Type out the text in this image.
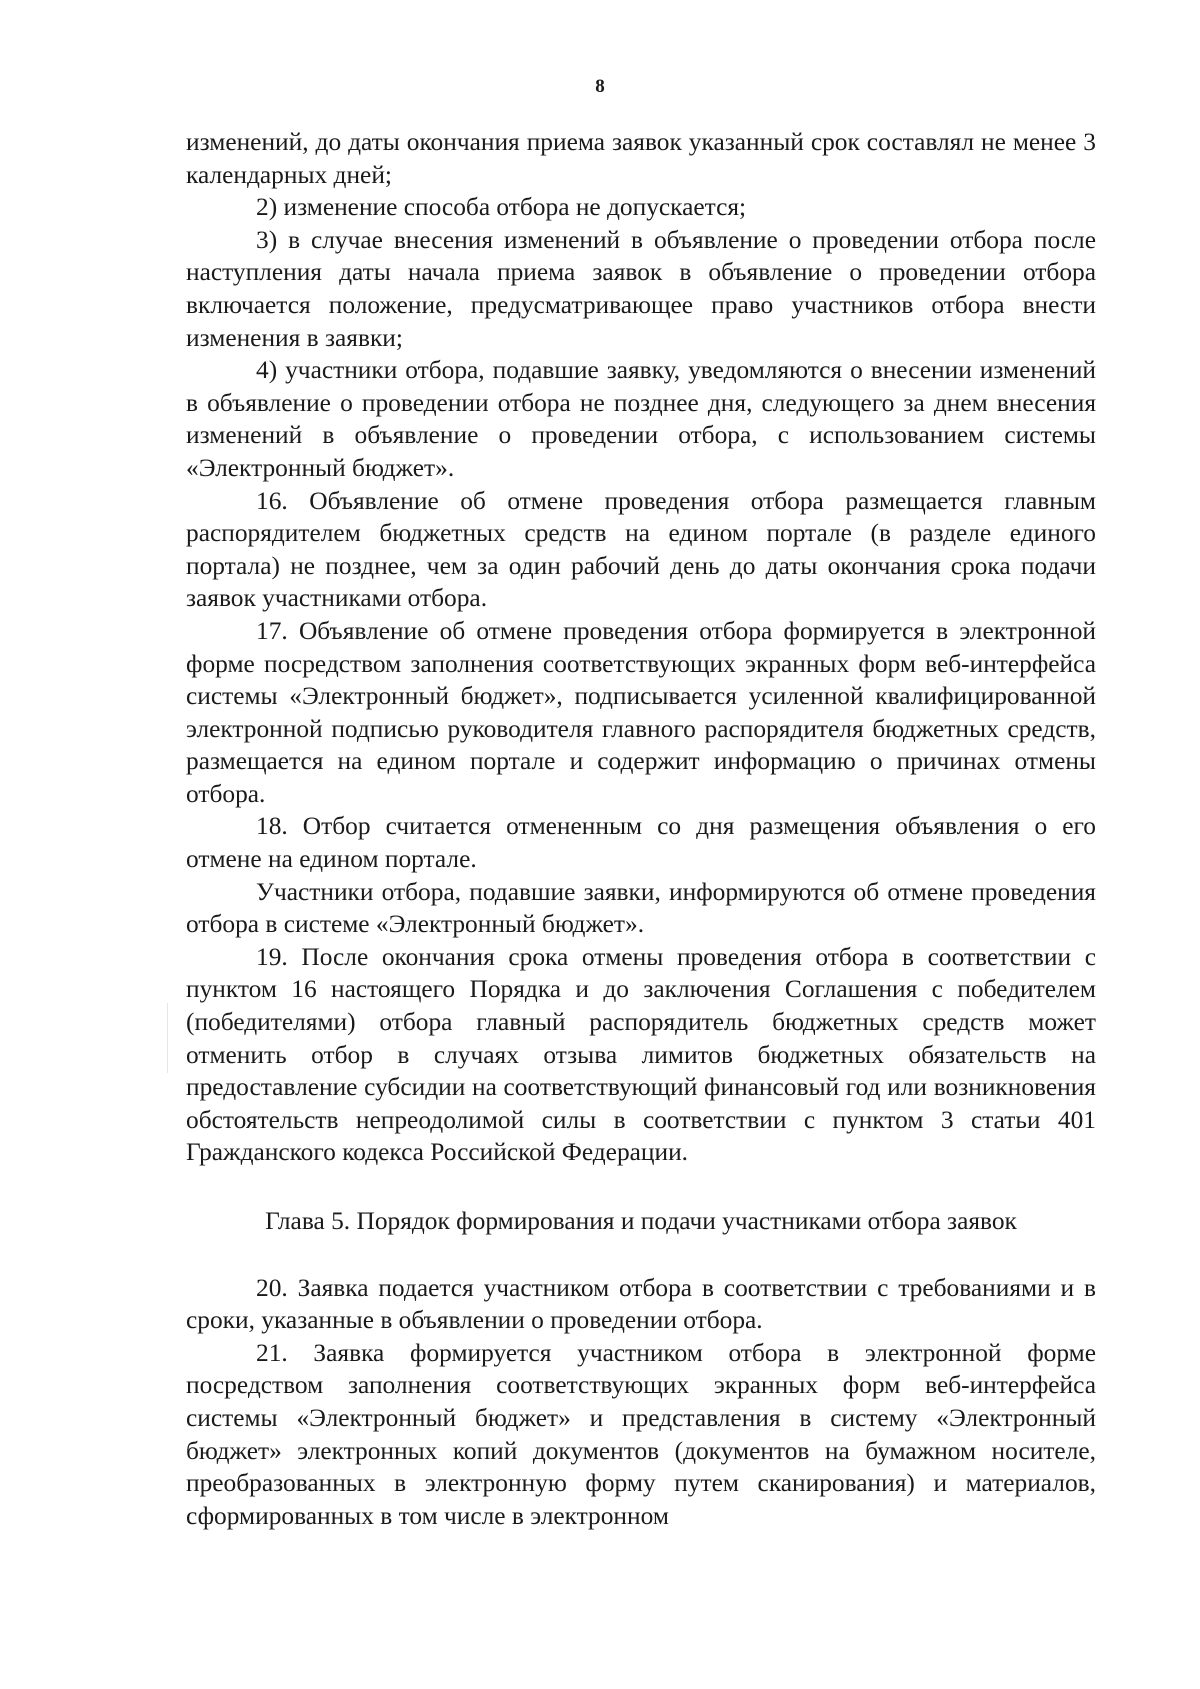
8

изменений, до даты окончания приема заявок указанный срок составлял не менее 3 календарных дней;

2) изменение способа отбора не допускается;

3) в случае внесения изменений в объявление о проведении отбора после наступления даты начала приема заявок в объявление о проведении отбора включается положение, предусматривающее право участников отбора внести изменения в заявки;

4) участники отбора, подавшие заявку, уведомляются о внесении изменений в объявление о проведении отбора не позднее дня, следующего за днем внесения изменений в объявление о проведении отбора, с использованием системы «Электронный бюджет».

16. Объявление об отмене проведения отбора размещается главным распорядителем бюджетных средств на едином портале (в разделе единого портала) не позднее, чем за один рабочий день до даты окончания срока подачи заявок участниками отбора.

17. Объявление об отмене проведения отбора формируется в электронной форме посредством заполнения соответствующих экранных форм веб-интерфейса системы «Электронный бюджет», подписывается усиленной квалифицированной электронной подписью руководителя главного распорядителя бюджетных средств, размещается на едином портале и содержит информацию о причинах отмены отбора.

18. Отбор считается отмененным со дня размещения объявления о его отмене на едином портале.

Участники отбора, подавшие заявки, информируются об отмене проведения отбора в системе «Электронный бюджет».

19. После окончания срока отмены проведения отбора в соответствии с пунктом 16 настоящего Порядка и до заключения Соглашения с победителем (победителями) отбора главный распорядитель бюджетных средств может отменить отбор в случаях отзыва лимитов бюджетных обязательств на предоставление субсидии на соответствующий финансовый год или возникновения обстоятельств непреодолимой силы в соответствии с пунктом 3 статьи 401 Гражданского кодекса Российской Федерации.

Глава 5. Порядок формирования и подачи участниками отбора заявок

20. Заявка подается участником отбора в соответствии с требованиями и в сроки, указанные в объявлении о проведении отбора.

21. Заявка формируется участником отбора в электронной форме посредством заполнения соответствующих экранных форм веб-интерфейса системы «Электронный бюджет» и представления в систему «Электронный бюджет» электронных копий документов (документов на бумажном носителе, преобразованных в электронную форму путем сканирования) и материалов, сформированных в том числе в электронном
